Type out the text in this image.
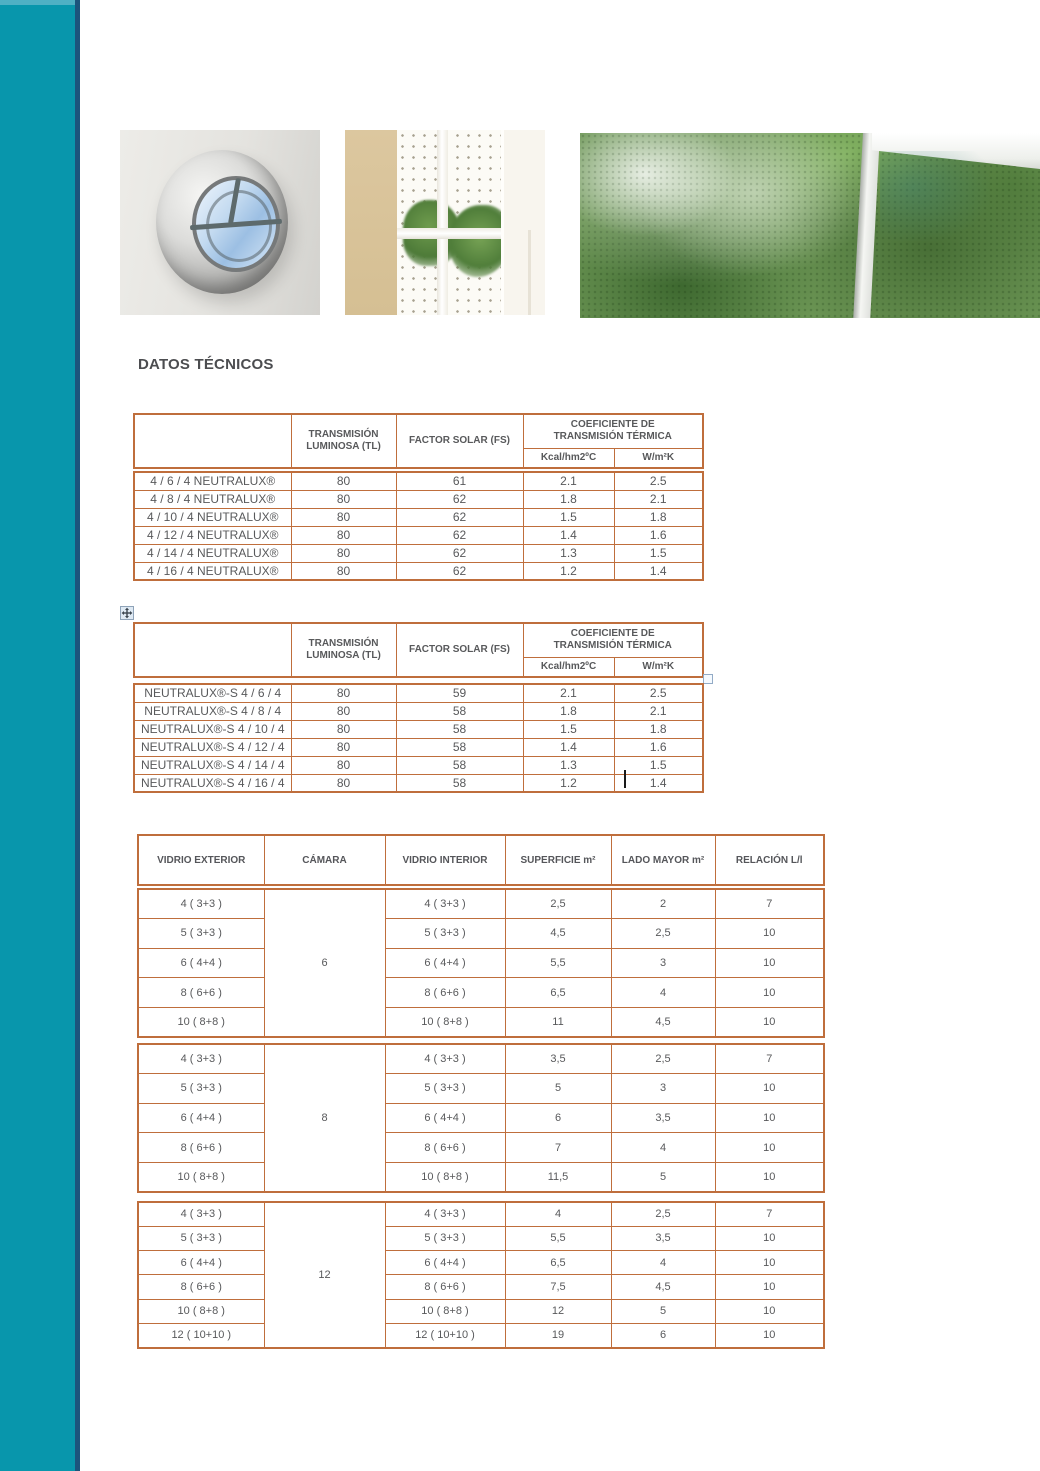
DATOS TÉCNICOS
	TRANSMISIÓN LUMINOSA (TL)	FACTOR SOLAR (FS)	COEFICIENTE DE TRANSMISIÓN TÉRMICA	
			Kcal/hm2ºC	W/m²K
4 / 6 / 4 NEUTRALUX®	80	61	2.1	2.5
4 / 8 / 4 NEUTRALUX®	80	62	1.8	2.1
4 / 10 / 4 NEUTRALUX®	80	62	1.5	1.8
4 / 12 / 4 NEUTRALUX®	80	62	1.4	1.6
4 / 14 / 4 NEUTRALUX®	80	62	1.3	1.5
4 / 16 / 4 NEUTRALUX®	80	62	1.2	1.4
	TRANSMISIÓN LUMINOSA (TL)	FACTOR SOLAR (FS)	COEFICIENTE DE TRANSMISIÓN TÉRMICA	
			Kcal/hm2ºC	W/m²K
NEUTRALUX®-S 4 / 6 / 4	80	59	2.1	2.5
NEUTRALUX®-S 4 / 8 / 4	80	58	1.8	2.1
NEUTRALUX®-S 4 / 10 / 4	80	58	1.5	1.8
NEUTRALUX®-S 4 / 12 / 4	80	58	1.4	1.6
NEUTRALUX®-S 4 / 14 / 4	80	58	1.3	1.5
NEUTRALUX®-S 4 / 16 / 4	80	58	1.2	1.4
VIDRIO EXTERIOR	CÁMARA	VIDRIO INTERIOR	SUPERFICIE m²	LADO MAYOR m²	RELACIÓN L/l
4 ( 3+3 )	6	4 ( 3+3 )	2,5	2	7
5 ( 3+3 )		5 ( 3+3 )	4,5	2,5	10
6 ( 4+4 )		6 ( 4+4 )	5,5	3	10
8 ( 6+6 )		8 ( 6+6 )	6,5	4	10
10 ( 8+8 )		10 ( 8+8 )	11	4,5	10
4 ( 3+3 )	8	4 ( 3+3 )	3,5	2,5	7
5 ( 3+3 )		5 ( 3+3 )	5	3	10
6 ( 4+4 )		6 ( 4+4 )	6	3,5	10
8 ( 6+6 )		8 ( 6+6 )	7	4	10
10 ( 8+8 )		10 ( 8+8 )	11,5	5	10
4 ( 3+3 )	12	4 ( 3+3 )	4	2,5	7
5 ( 3+3 )		5 ( 3+3 )	5,5	3,5	10
6 ( 4+4 )		6 ( 4+4 )	6,5	4	10
8 ( 6+6 )		8 ( 6+6 )	7,5	4,5	10
10 ( 8+8 )		10 ( 8+8 )	12	5	10
12 ( 10+10 )		12 ( 10+10 )	19	6	10
